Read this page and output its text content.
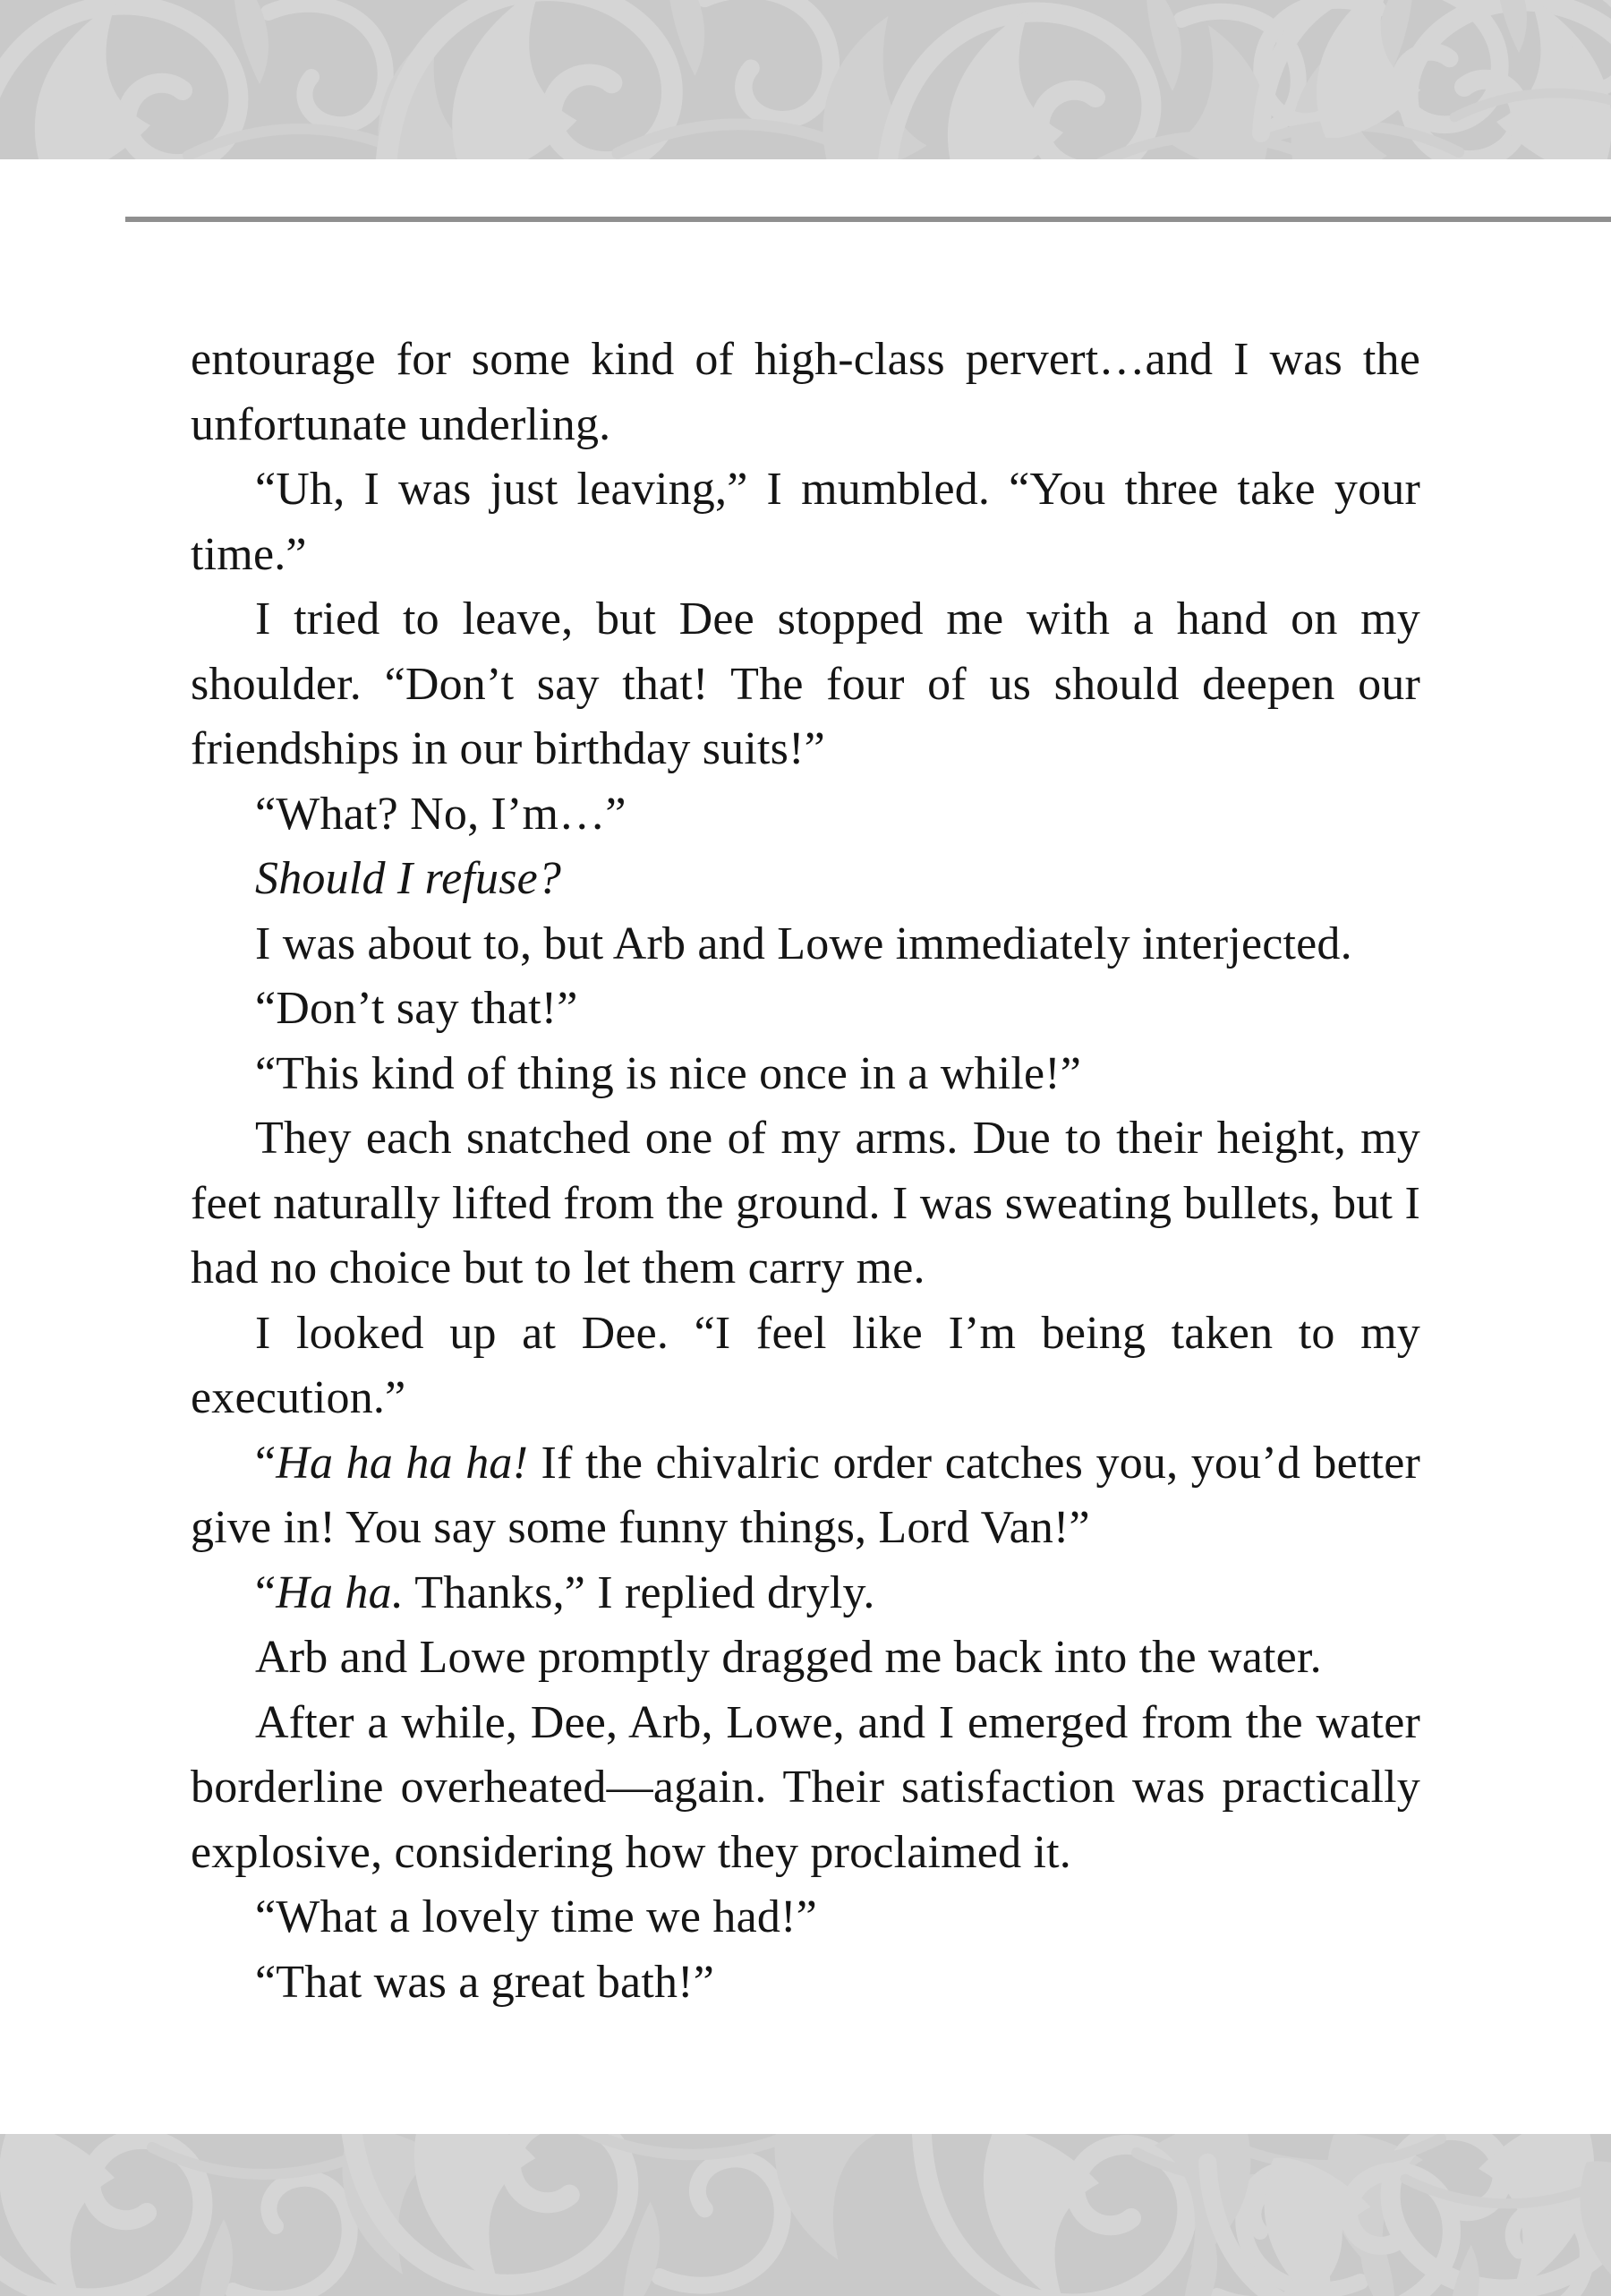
entourage for some kind of high-class pervert…and I was the unfortunate underling.

“Uh, I was just leaving,” I mumbled. “You three take your time.”

I tried to leave, but Dee stopped me with a hand on my shoulder. “Don’t say that! The four of us should deepen our friendships in our birthday suits!”

“What? No, I’m…”

Should I refuse?

I was about to, but Arb and Lowe immediately interjected.

“Don’t say that!”

“This kind of thing is nice once in a while!”

They each snatched one of my arms. Due to their height, my feet naturally lifted from the ground. I was sweating bullets, but I had no choice but to let them carry me.

I looked up at Dee. “I feel like I’m being taken to my execution.”

“Ha ha ha ha! If the chivalric order catches you, you’d better give in! You say some funny things, Lord Van!”

“Ha ha. Thanks,” I replied dryly.

Arb and Lowe promptly dragged me back into the water.

After a while, Dee, Arb, Lowe, and I emerged from the water borderline overheated—again. Their satisfaction was practically explosive, considering how they proclaimed it.

“What a lovely time we had!”

“That was a great bath!”
